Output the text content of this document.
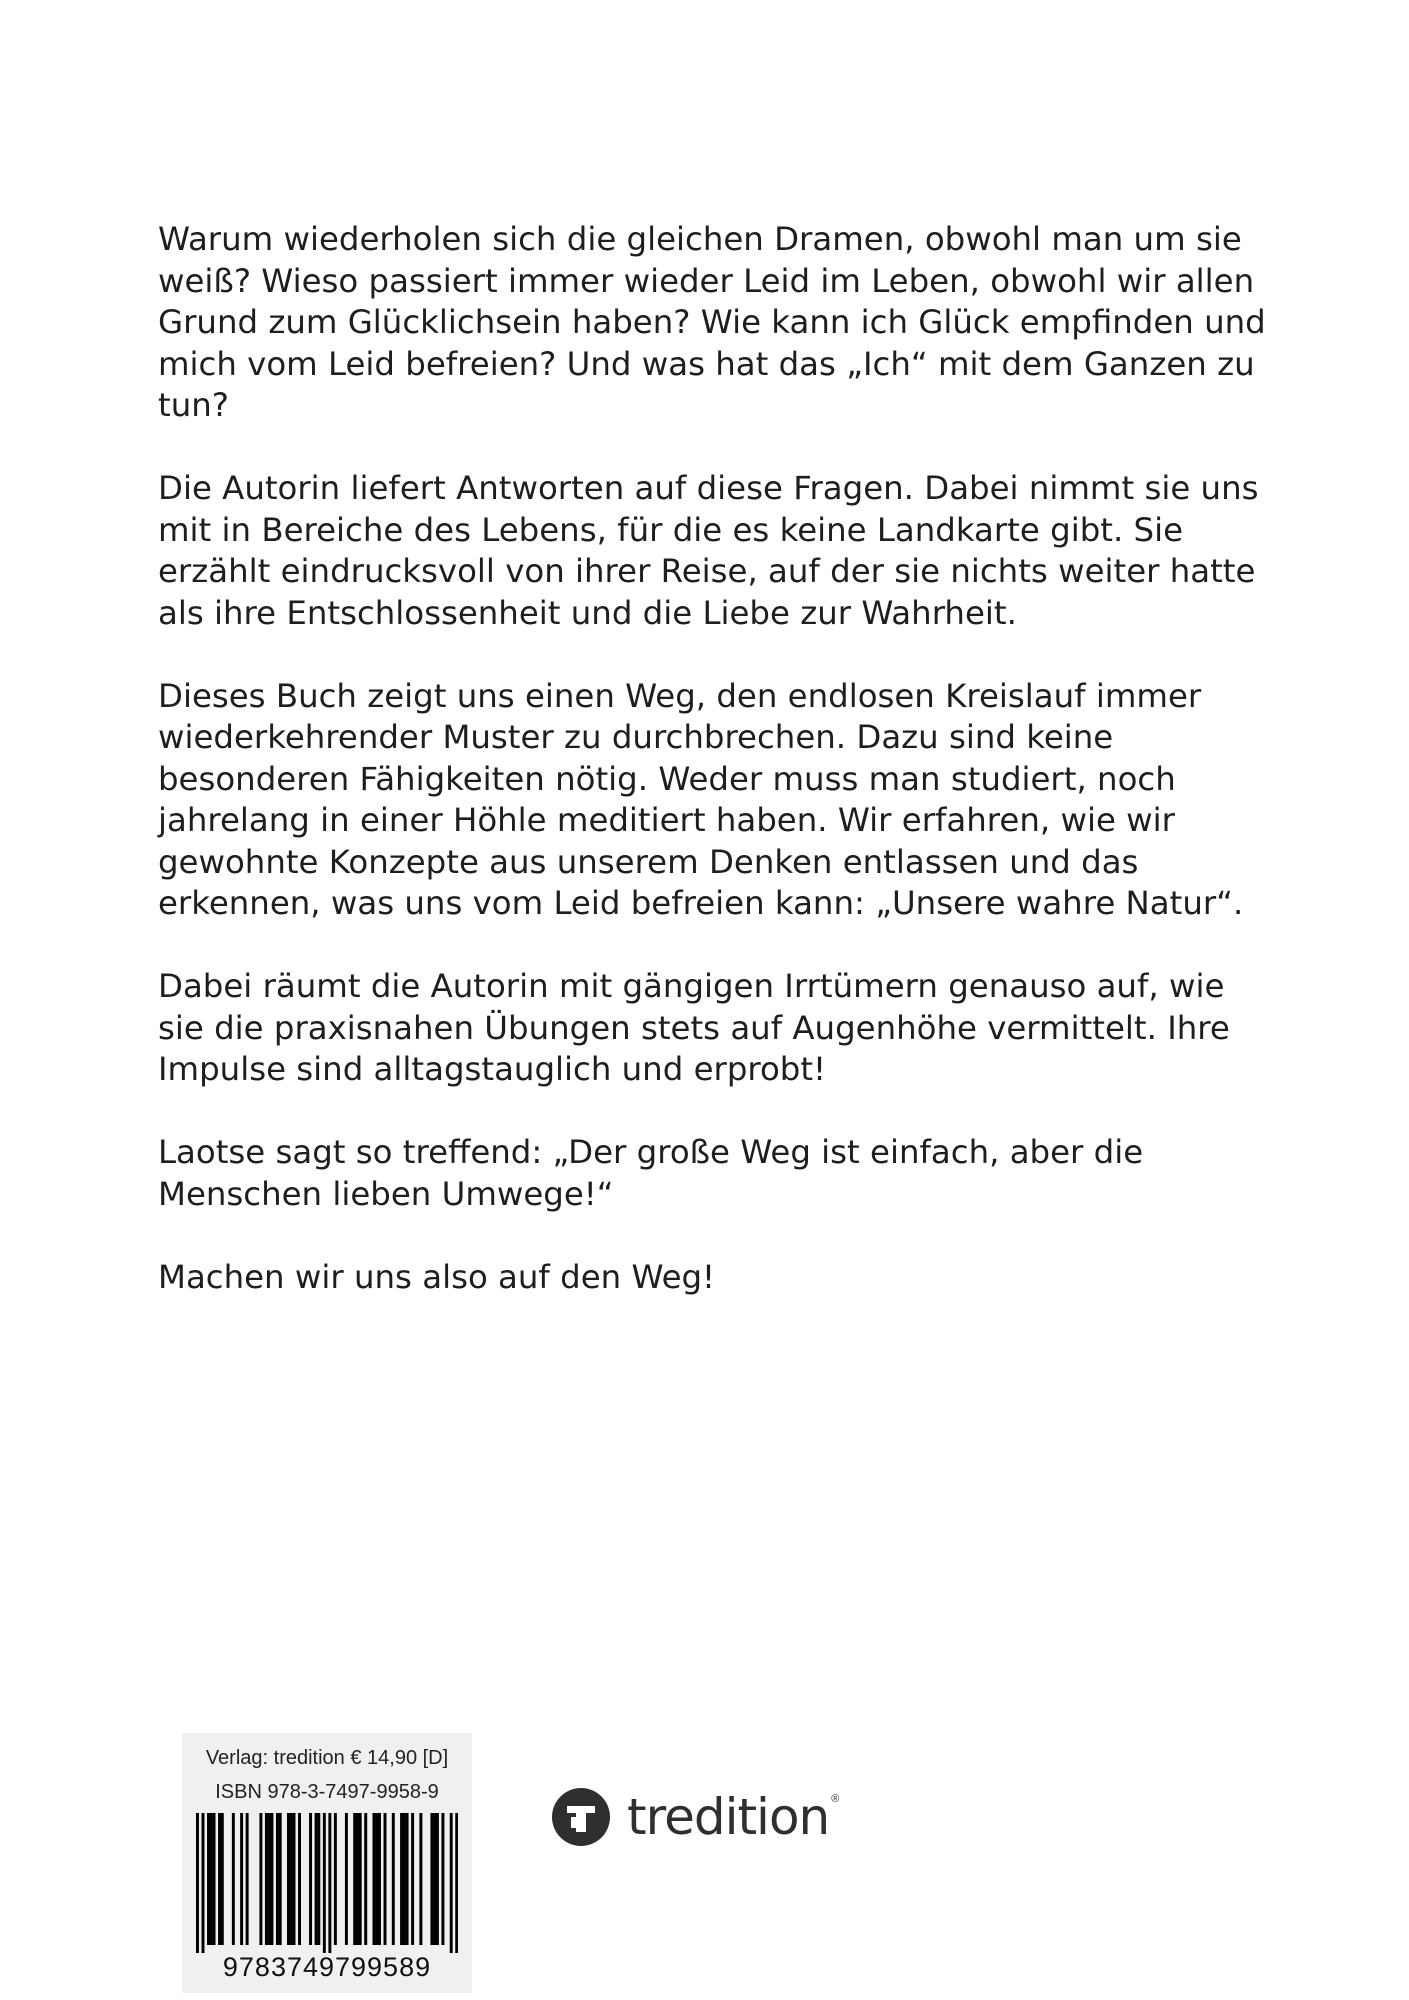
Warum wiederholen sich die gleichen Dramen, obwohl man um sie weiß? Wieso passiert immer wieder Leid im Leben, obwohl wir allen Grund zum Glücklichsein haben? Wie kann ich Glück empfinden und mich vom Leid befreien? Und was hat das „Ich“ mit dem Ganzen zu tun?

Die Autorin liefert Antworten auf diese Fragen. Dabei nimmt sie uns mit in Bereiche des Lebens, für die es keine Landkarte gibt. Sie erzählt eindrucksvoll von ihrer Reise, auf der sie nichts weiter hatte als ihre Entschlossenheit und die Liebe zur Wahrheit.

Dieses Buch zeigt uns einen Weg, den endlosen Kreislauf immer wiederkehrender Muster zu durchbrechen. Dazu sind keine besonderen Fähigkeiten nötig. Weder muss man studiert, noch jahrelang in einer Höhle meditiert haben. Wir erfahren, wie wir gewohnte Konzepte aus unserem Denken entlassen und das erkennen, was uns vom Leid befreien kann: „Unsere wahre Natur“.

Dabei räumt die Autorin mit gängigen Irrtümern genauso auf, wie sie die praxisnahen Übungen stets auf Augenhöhe vermittelt. Ihre Impulse sind alltagstauglich und erprobt!

Laotse sagt so treffend: „Der große Weg ist einfach, aber die Menschen lieben Umwege!“

Machen wir uns also auf den Weg!

Verlag: tredition € 14,90 [D]
ISBN 978-3-7497-9958-9
9783749799589
tredition ®
